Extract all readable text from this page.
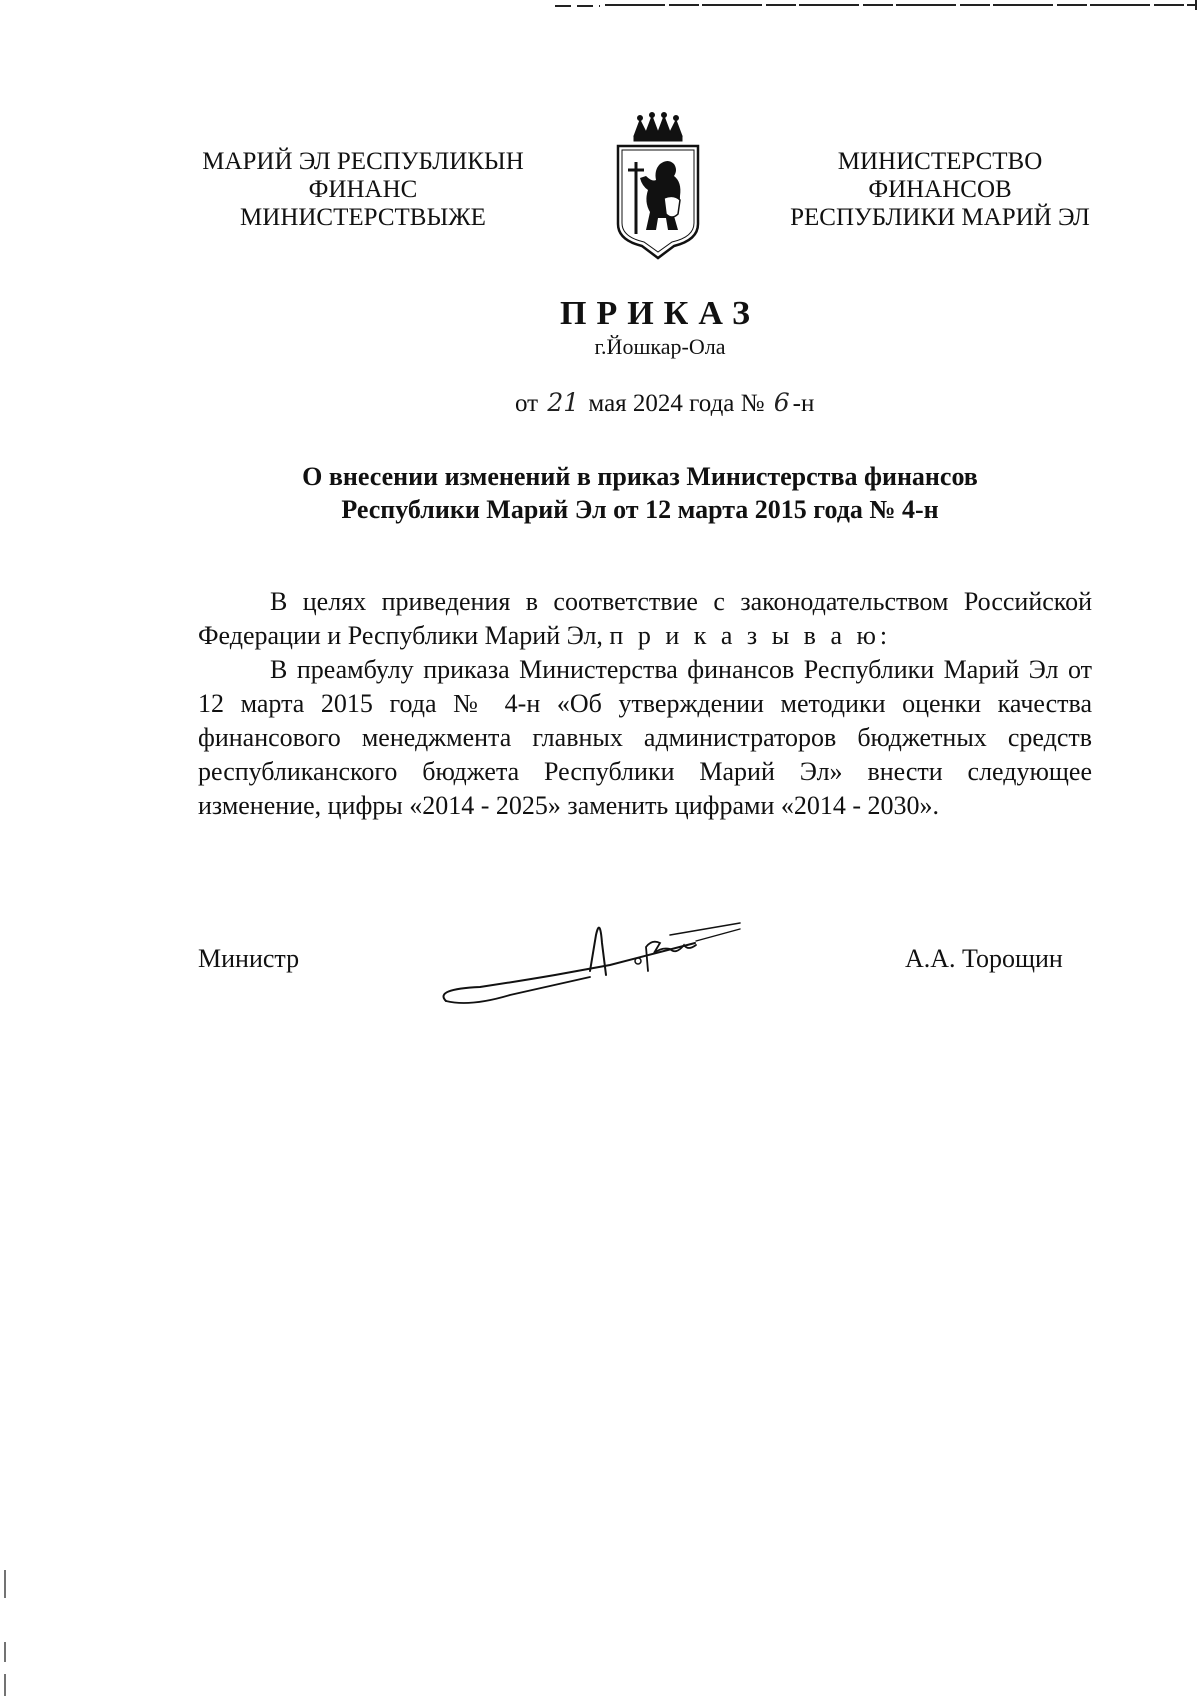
МАРИЙ ЭЛ РЕСПУБЛИКЫН
ФИНАНС
МИНИСТЕРСТВЫЖЕ
МИНИСТЕРСТВО
ФИНАНСОВ
РЕСПУБЛИКИ МАРИЙ ЭЛ
ПРИКАЗ
г.Йошкар-Ола
от 21 мая 2024 года № 6 -н
О внесении изменений в приказ Министерства финансов
Республики Марий Эл от 12 марта 2015 года № 4-н

В целях приведения в соответствие с законодательством Российской Федерации и Республики Марий Эл, п р и к а з ы в а ю:

В преамбулу приказа Министерства финансов Республики Марий Эл от 12 марта 2015 года № 4-н «Об утверждении методики оценки качества финансового менеджмента главных администраторов бюджетных средств республиканского бюджета Республики Марий Эл» внести следующее изменение, цифры «2014 - 2025» заменить цифрами «2014 - 2030».

Министр	А.А. Торощин
